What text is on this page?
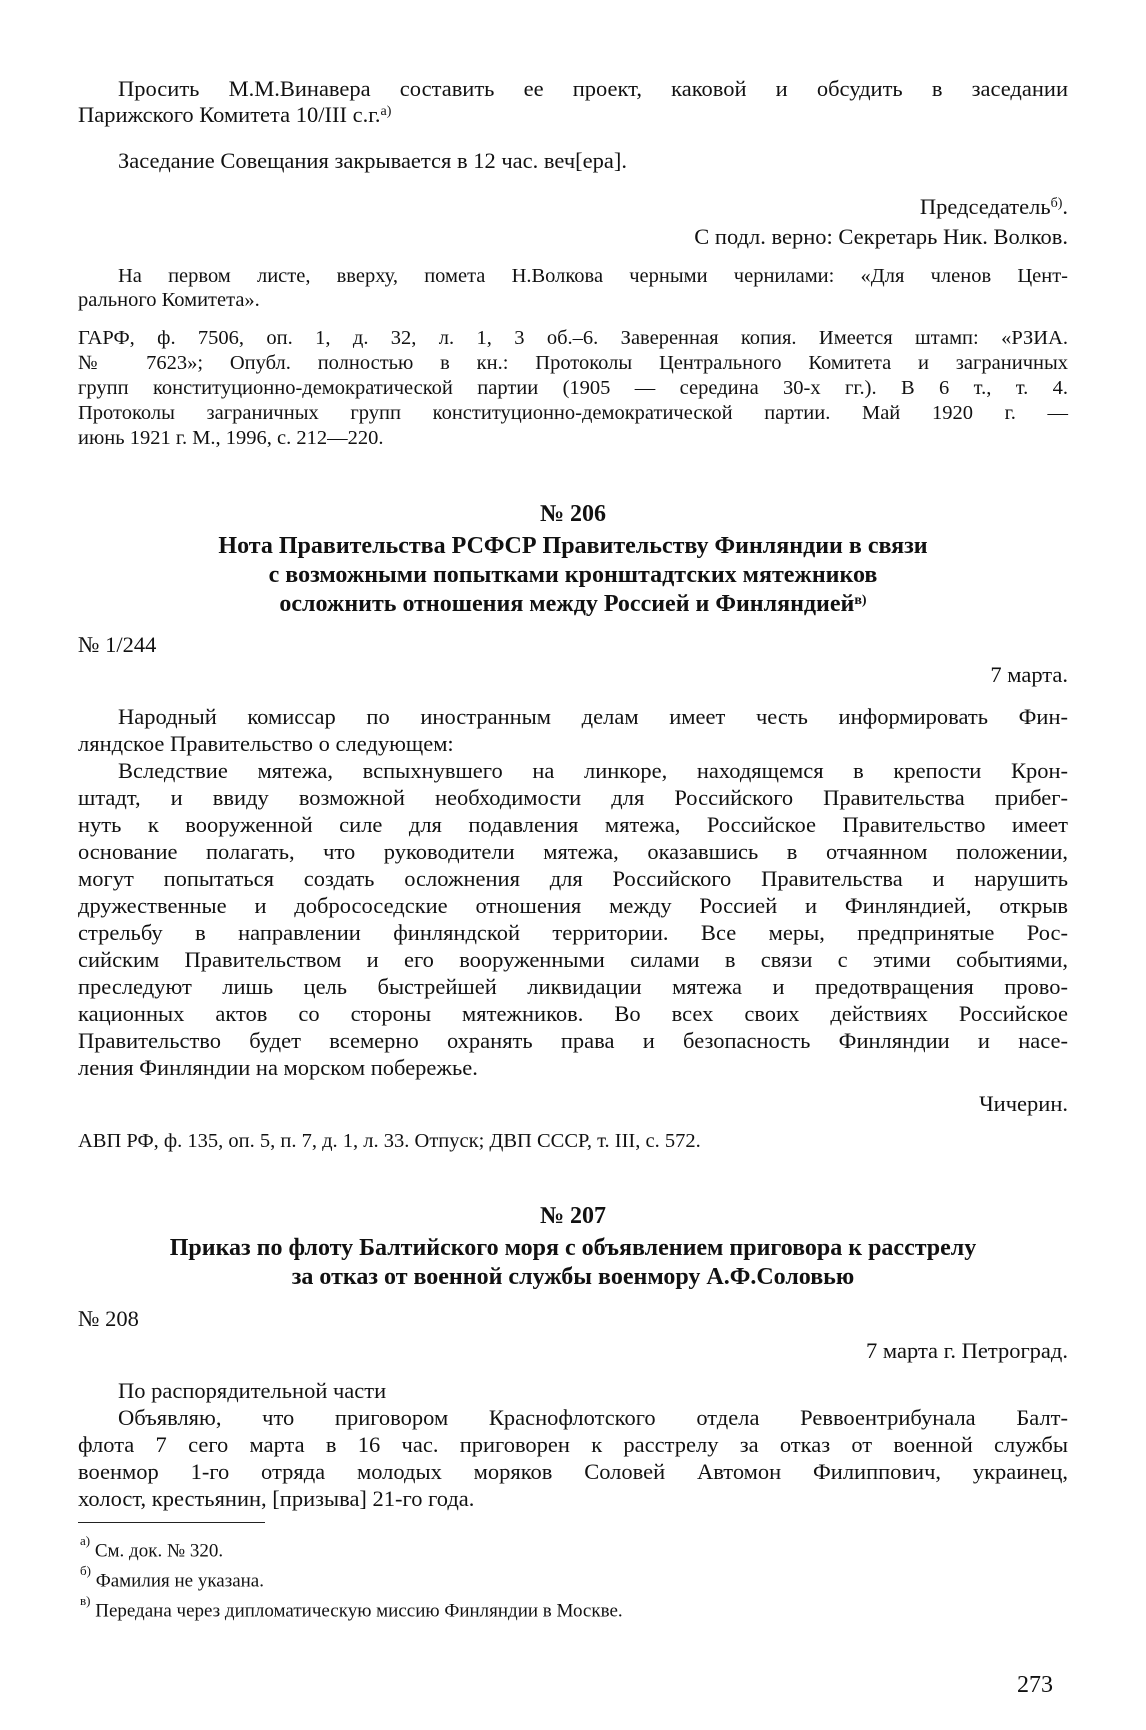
Просить М.М.Винавера составить ее проект, каковой и обсудить в заседании
Парижского Комитета 10/III с.г.$^{а)}$
Заседание Совещания закрывается в 12 час. веч[ера].
Председатель$^{б)}$.
С подл. верно: Секретарь Ник. Волков.
На первом листе, вверху, помета Н.Волкова черными чернилами: «Для членов Цент-
рального Комитета».
ГАРФ, ф. 7506, оп. 1, д. 32, л. 1, 3 об.–6. Заверенная копия. Имеется штамп: «РЗИА.
№ 7623»; Опубл. полностью в кн.: Протоколы Центрального Комитета и заграничных
групп конституционно-демократической партии (1905 — середина 30-х гг.). В 6 т., т. 4.
Протоколы заграничных групп конституционно-демократической партии. Май 1920 г. —
июнь 1921 г. М., 1996, с. 212—220.
№ 206
Нота Правительства РСФСР Правительству Финляндии в связи
с возможными попытками кронштадтских мятежников
осложнить отношения между Россией и Финляндией$^{в)}$
№ 1/244
7 марта.
Народный комиссар по иностранным делам имеет честь информировать Фин-
ляндское Правительство о следующем:
Вследствие мятежа, вспыхнувшего на линкоре, находящемся в крепости Крон-
штадт, и ввиду возможной необходимости для Российского Правительства прибег-
нуть к вооруженной силе для подавления мятежа, Российское Правительство имеет
основание полагать, что руководители мятежа, оказавшись в отчаянном положении,
могут попытаться создать осложнения для Российского Правительства и нарушить
дружественные и добрососедские отношения между Россией и Финляндией, открыв
стрельбу в направлении финляндской территории. Все меры, предпринятые Рос-
сийским Правительством и его вооруженными силами в связи с этими событиями,
преследуют лишь цель быстрейшей ликвидации мятежа и предотвращения прово-
кационных актов со стороны мятежников. Во всех своих действиях Российское
Правительство будет всемерно охранять права и безопасность Финляндии и насе-
ления Финляндии на морском побережье.
Чичерин.
АВП РФ, ф. 135, оп. 5, п. 7, д. 1, л. 33. Отпуск; ДВП СССР, т. III, с. 572.
№ 207
Приказ по флоту Балтийского моря с объявлением приговора к расстрелу
за отказ от военной службы военмору А.Ф.Соловью
№ 208
7 марта г. Петроград.
По распорядительной части
Объявляю, что приговором Краснофлотского отдела Реввоентрибунала Балт-
флота 7 сего марта в 16 час. приговорен к расстрелу за отказ от военной службы
военмор 1-го отряда молодых моряков Соловей Автомон Филиппович, украинец,
холост, крестьянин, [призыва] 21-го года.
$^{а)}$ См. док. № 320.
$^{б)}$ Фамилия не указана.
$^{в)}$ Передана через дипломатическую миссию Финляндии в Москве.
273
